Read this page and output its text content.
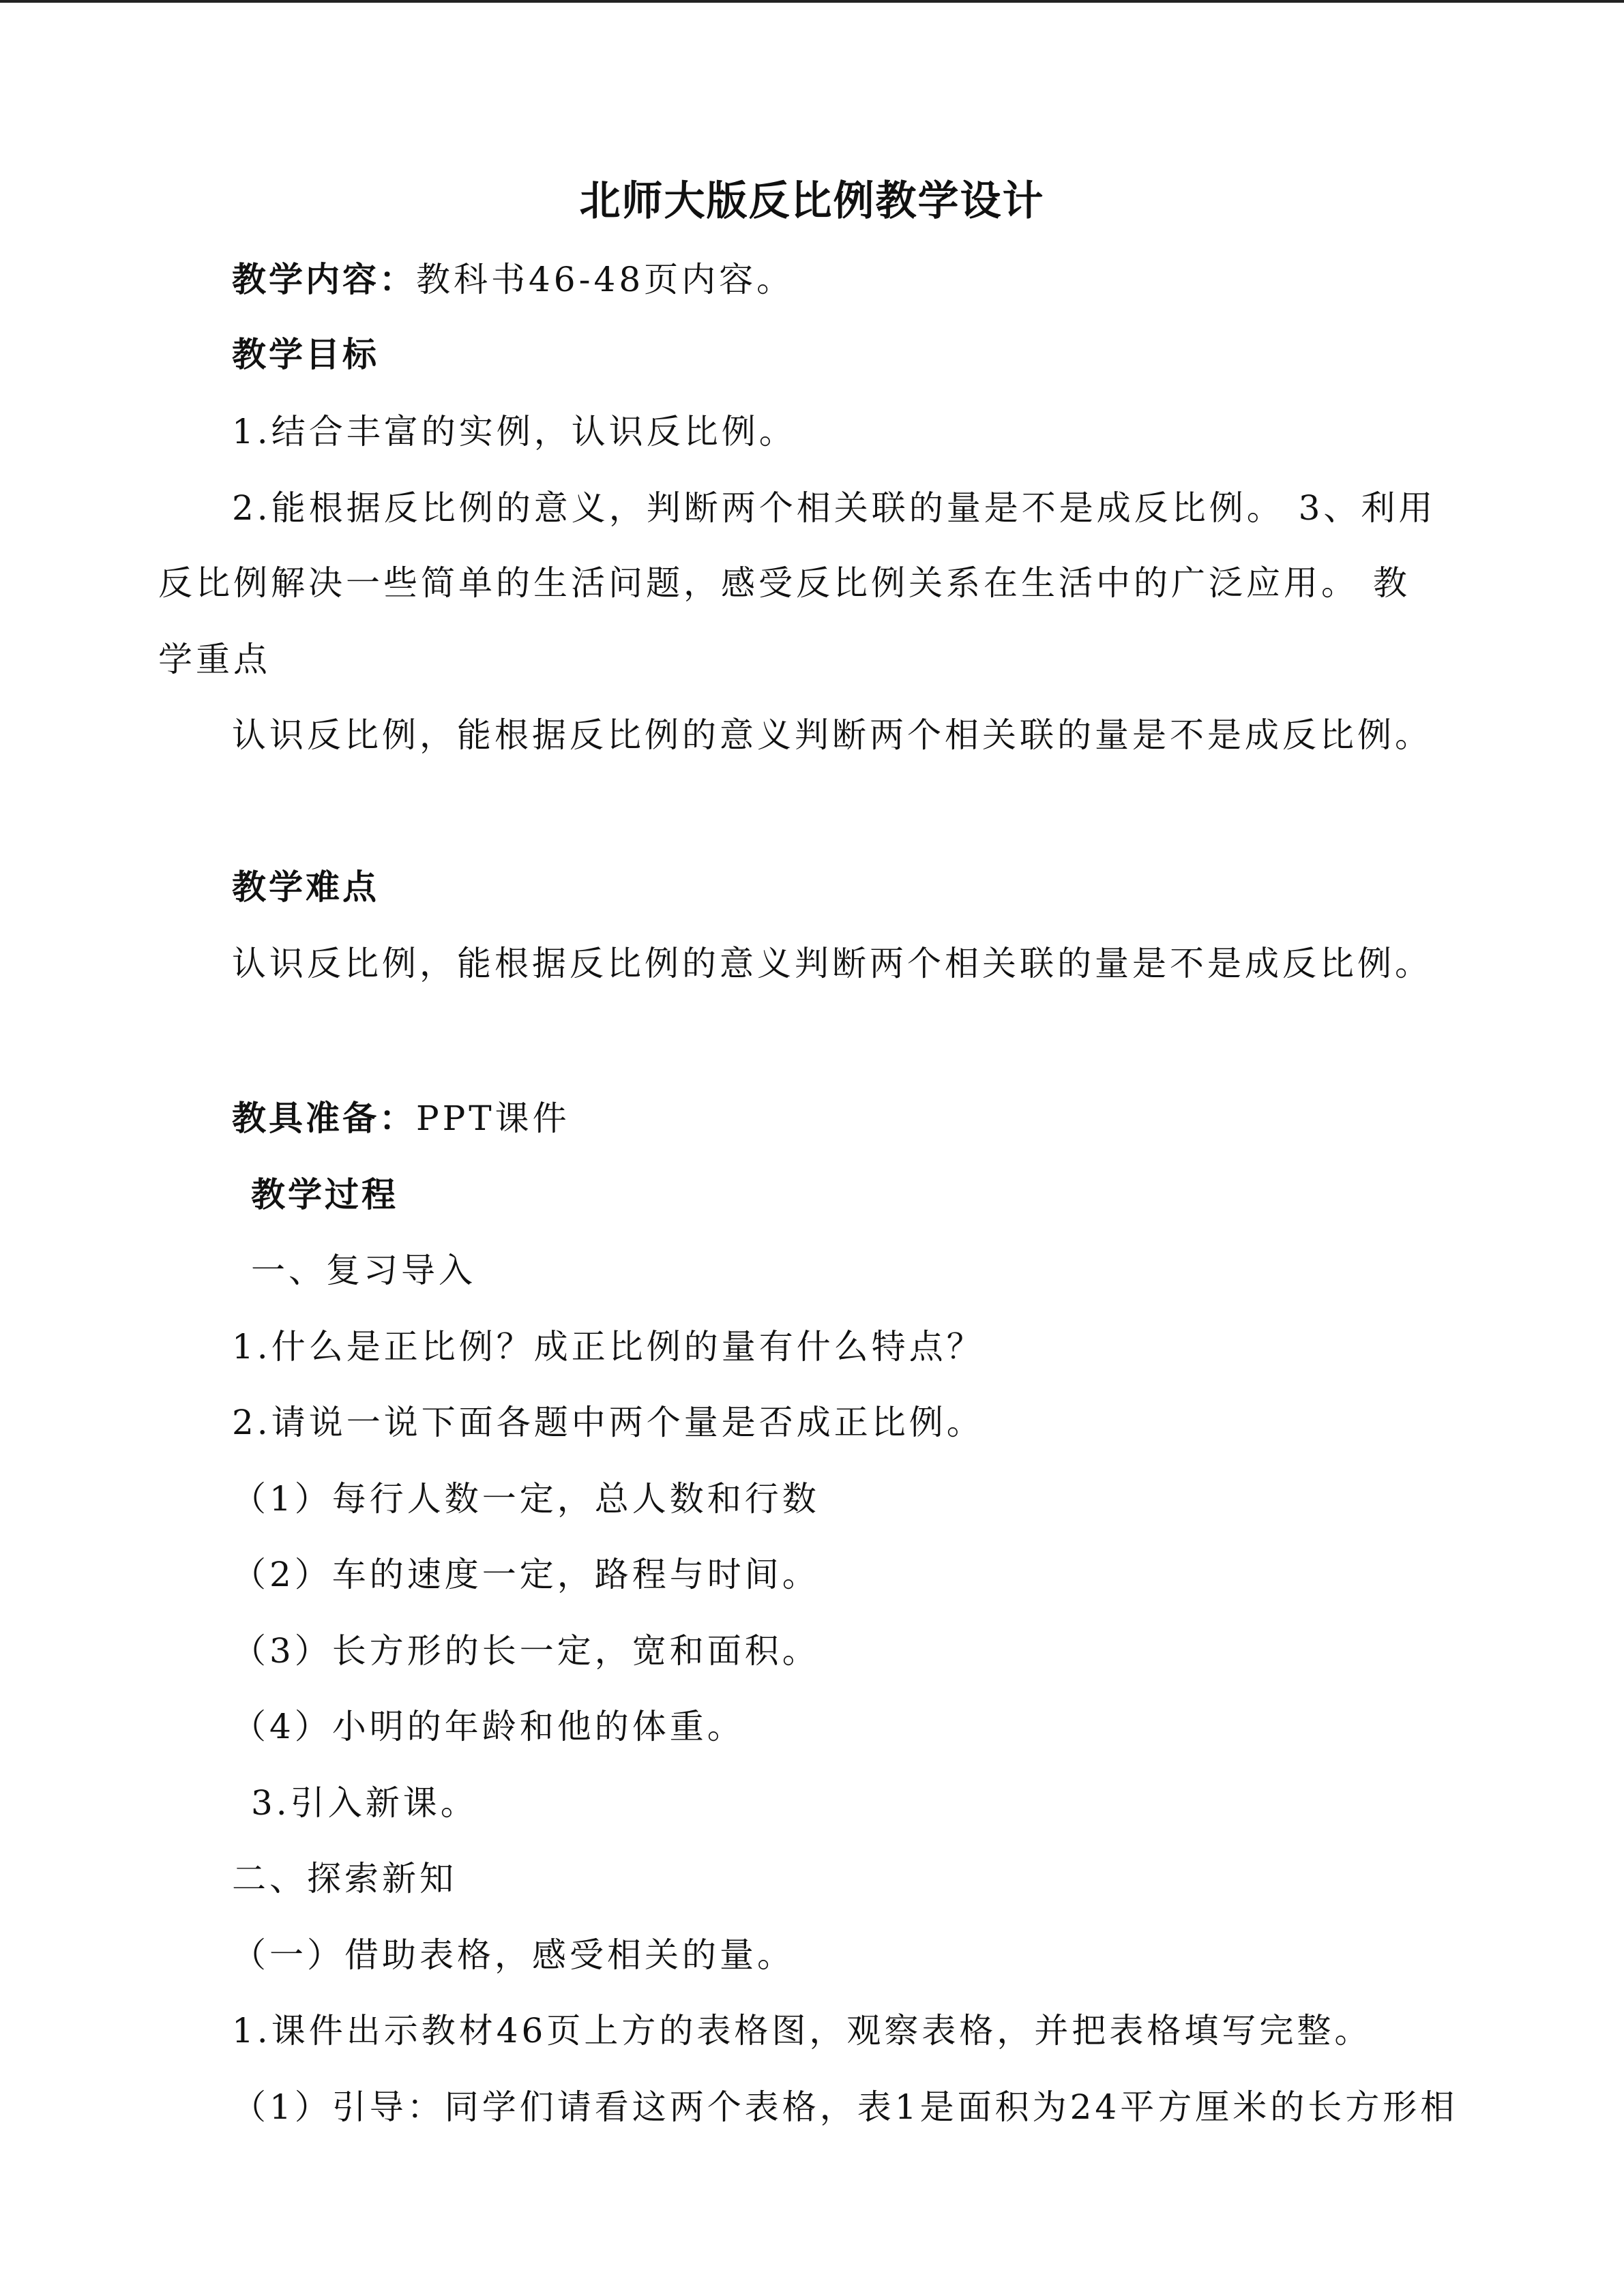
北师大版反比例教学设计
教学内容：教科书46-48页内容。
教学目标
1.结合丰富的实例，认识反比例。
2.能根据反比例的意义，判断两个相关联的量是不是成反比例。 3、利用
反比例解决一些简单的生活问题，感受反比例关系在生活中的广泛应用。 教
学重点
认识反比例，能根据反比例的意义判断两个相关联的量是不是成反比例。
教学难点
认识反比例，能根据反比例的意义判断两个相关联的量是不是成反比例。
教具准备：PPT课件
教学过程
一、复习导入
1.什么是正比例？成正比例的量有什么特点？
2.请说一说下面各题中两个量是否成正比例。
（1）每行人数一定，总人数和行数
（2）车的速度一定，路程与时间。
（3）长方形的长一定，宽和面积。
（4）小明的年龄和他的体重。
3.引入新课。
二、探索新知
（一）借助表格，感受相关的量。
1.课件出示教材46页上方的表格图，观察表格，并把表格填写完整。
（1）引导：同学们请看这两个表格，表1是面积为24平方厘米的长方形相
